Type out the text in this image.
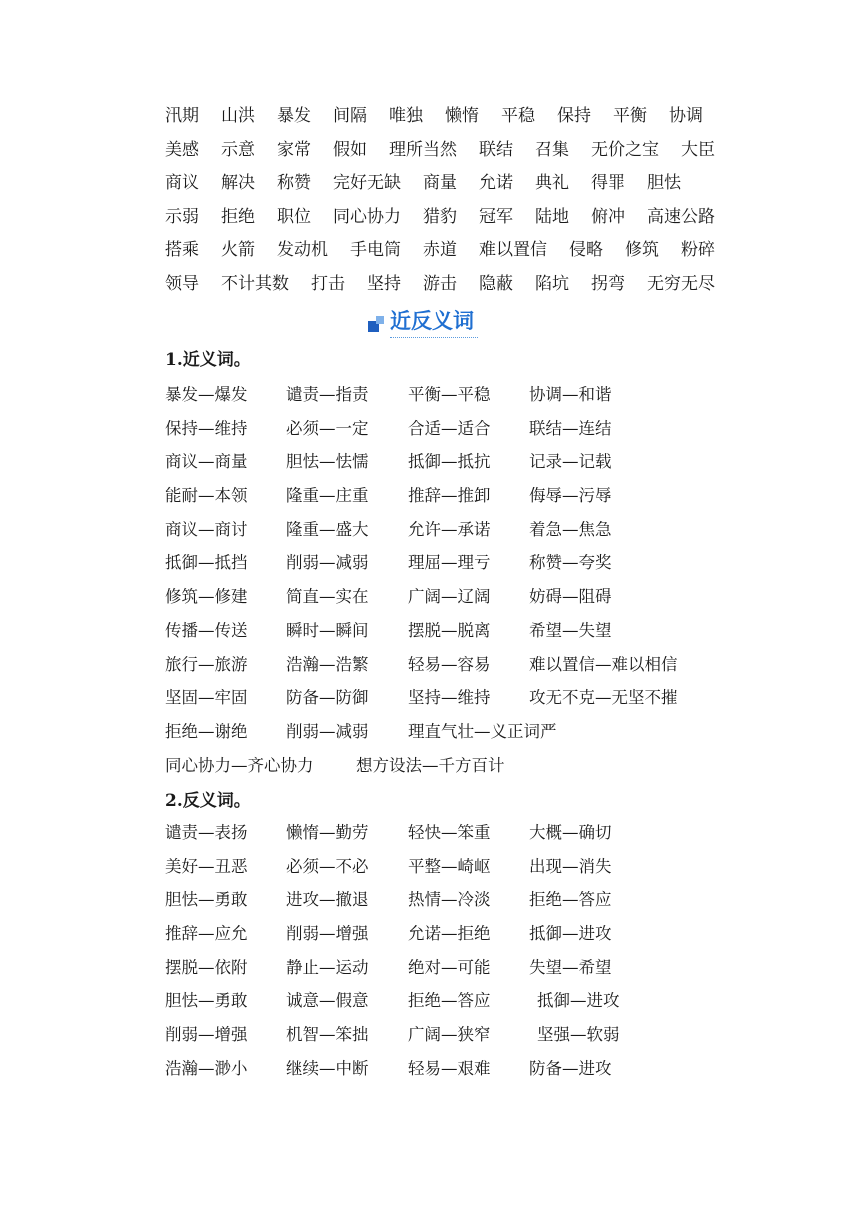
汛期 山洪 暴发 间隔 唯独 懒惰 平稳 保持 平衡 协调
美感 示意 家常 假如 理所当然 联结 召集 无价之宝 大臣
商议 解决 称赞 完好无缺 商量 允诺 典礼 得罪 胆怯
示弱 拒绝 职位 同心协力 猎豹 冠军 陆地 俯冲 高速公路
搭乘 火箭 发动机 手电筒 赤道 难以置信 侵略 修筑 粉碎
领导 不计其数 打击 坚持 游击 隐蔽 陷坑 拐弯 无穷无尽
近反义词
1.近义词。
暴发—爆发 谴责—指责 平衡—平稳 协调—和谐
保持—维持 必须—一定 合适—适合 联结—连结
商议—商量 胆怯—怯懦 抵御—抵抗 记录—记载
能耐—本领 隆重—庄重 推辞—推卸 侮辱—污辱
商议—商讨 隆重—盛大 允许—承诺 着急—焦急
抵御—抵挡 削弱—减弱 理屈—理亏 称赞—夸奖
修筑—修建 简直—实在 广阔—辽阔 妨碍—阻碍
传播—传送 瞬时—瞬间 摆脱—脱离 希望—失望
旅行—旅游 浩瀚—浩繁 轻易—容易 难以置信—难以相信
坚固—牢固 防备—防御 坚持—维持 攻无不克—无坚不摧
拒绝—谢绝 削弱—减弱 理直气壮—义正词严
同心协力—齐心协力	想方设法—千方百计
2.反义词。
谴责—表扬 懒惰—勤劳 轻快—笨重 大概—确切
美好—丑恶 必须—不必 平整—崎岖 出现—消失
胆怯—勇敢 进攻—撤退 热情—冷淡 拒绝—答应
推辞—应允 削弱—增强 允诺—拒绝 抵御—进攻
摆脱—依附 静止—运动 绝对—可能 失望—希望
胆怯—勇敢 诚意—假意 拒绝—答应	抵御—进攻
削弱—增强 机智—笨拙 广阔—狭窄	坚强—软弱
浩瀚—渺小 继续—中断 轻易—艰难 防备—进攻
